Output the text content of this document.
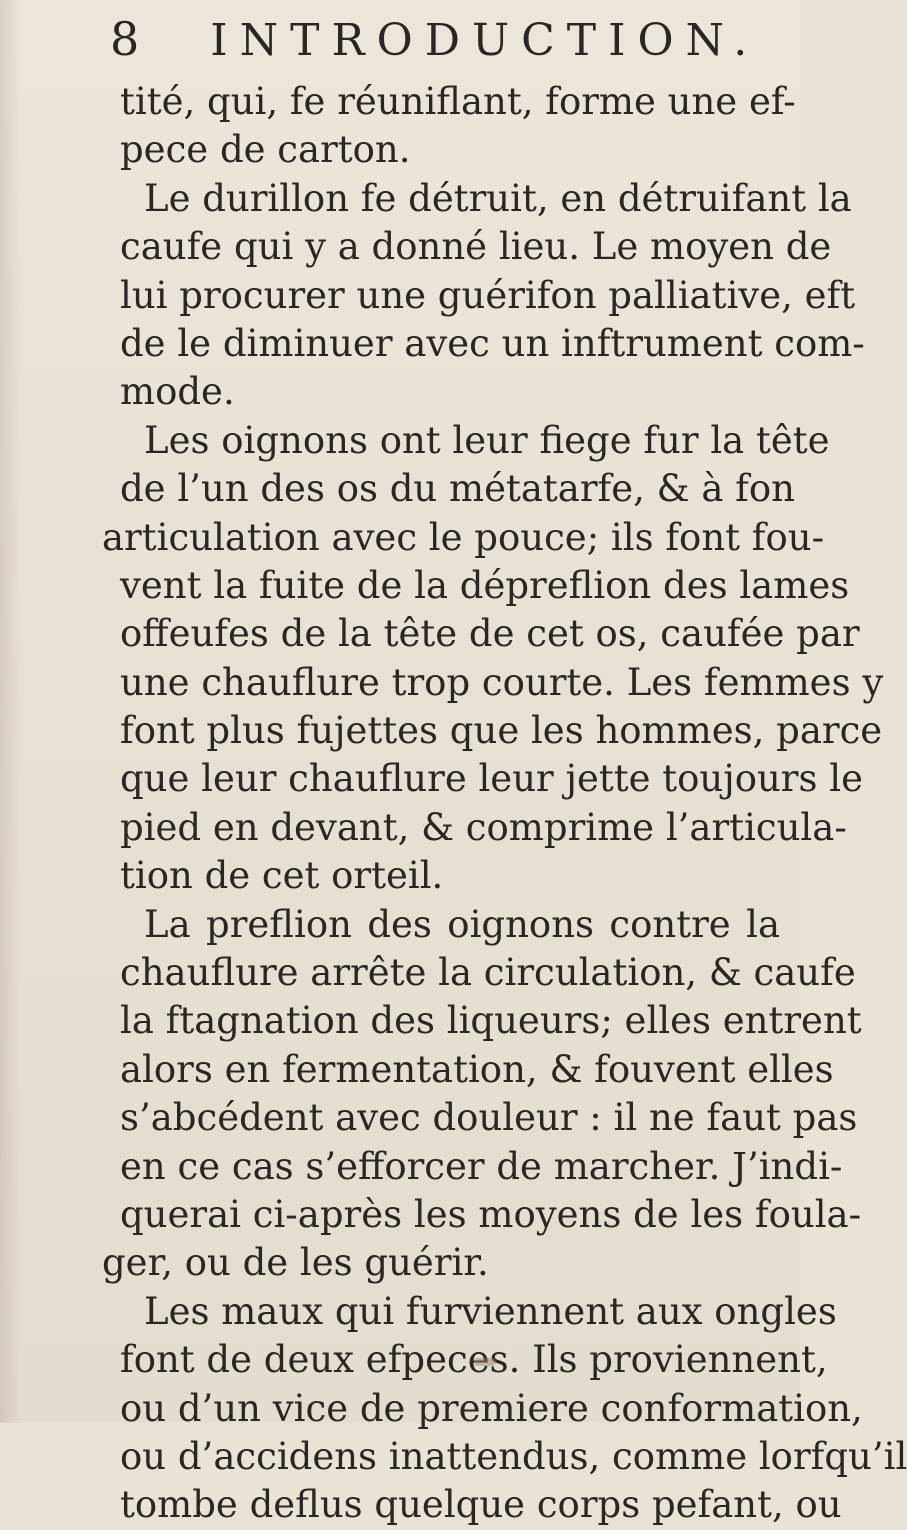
8 INTRODUCTION.
tité, qui, fe réuniflant, forme une ef-
pece de carton.
Le durillon fe détruit, en détruifant la
caufe qui y a donné lieu. Le moyen de
lui procurer une guérifon palliative, eft
de le diminuer avec un inftrument com-
mode.
Les oignons ont leur fiege fur la tête
de l’un des os du métatarfe, & à fon
articulation avec le pouce; ils font fou-
vent la fuite de la dépreflion des lames
offeufes de la tête de cet os, caufée par
une chauflure trop courte. Les femmes y
font plus fujettes que les hommes, parce
que leur chauflure leur jette toujours le
pied en devant, & comprime l’articula-
tion de cet orteil.
La preflion des oignons contre la
chauflure arrête la circulation, & caufe
la ftagnation des liqueurs; elles entrent
alors en fermentation, & fouvent elles
s’abcédent avec douleur : il ne faut pas
en ce cas s’efforcer de marcher. J’indi-
querai ci-après les moyens de les foula-
ger, ou de les guérir.
Les maux qui furviennent aux ongles
font de deux efpeces. Ils proviennent,
ou d’un vice de premiere conformation,
ou d’accidens inattendus, comme lorfqu’il
tombe deflus quelque corps pefant, ou
